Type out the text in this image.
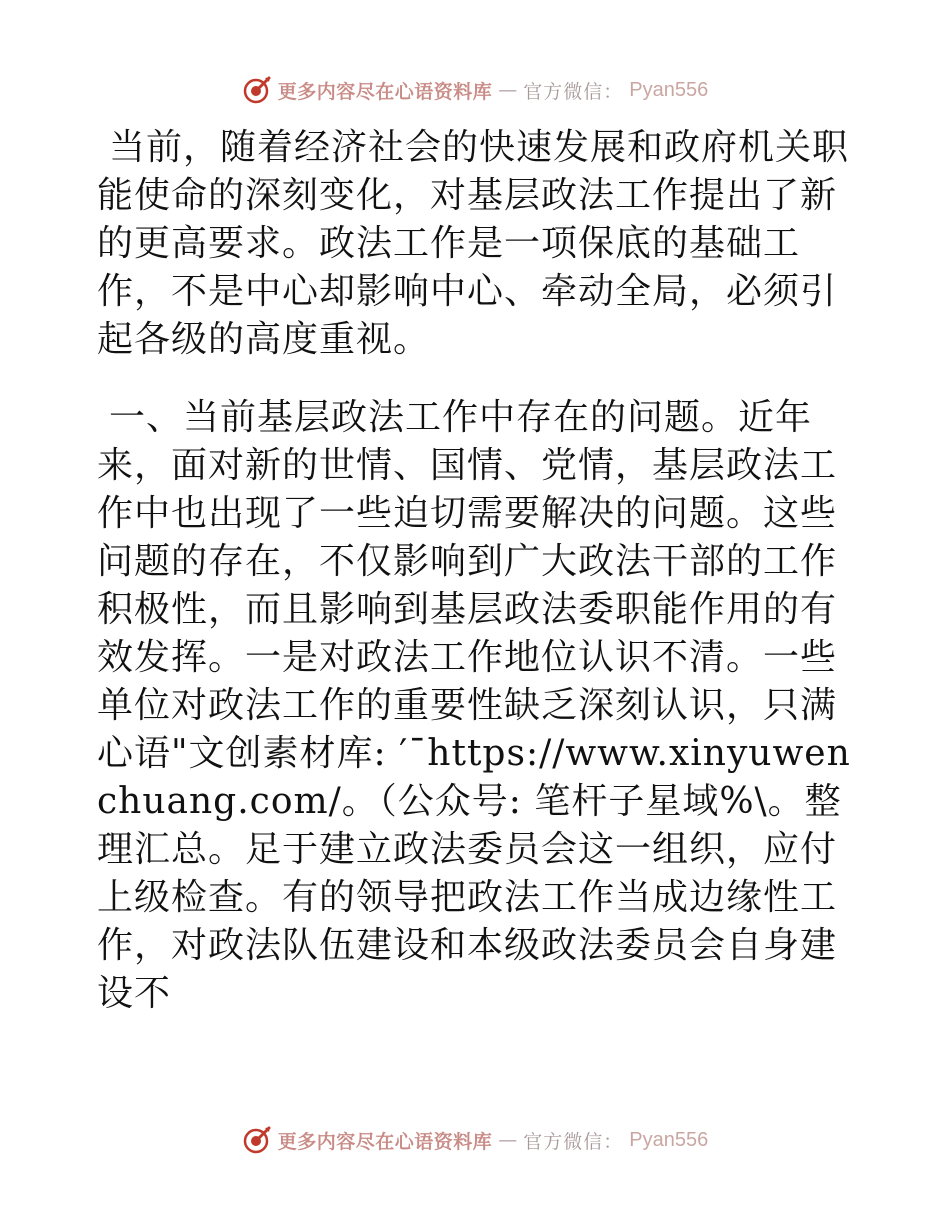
更多内容尽在心语资料库 — 官方微信： Pyan556

当前，随着经济社会的快速发展和政府机关职能使命的深刻变化，对基层政法工作提出了新的更高要求。政法工作是一项保底的基础工作，不是中心却影响中心、牵动全局，必须引起各级的高度重视。

一、当前基层政法工作中存在的问题。近年来，面对新的世情、国情、党情，基层政法工作中也出现了一些迫切需要解决的问题。这些问题的存在，不仅影响到广大政法干部的工作积极性，而且影响到基层政法委职能作用的有效发挥。一是对政法工作地位认识不清。一些单位对政法工作的重要性缺乏深刻认识，只满心语"文创素材库: ′¯https://www.xinyuwenchuang.com/。（公众号: 笔杆子星域%\。整理汇总。足于建立政法委员会这一组织，应付上级检查。有的领导把政法工作当成边缘性工作，对政法队伍建设和本级政法委员会自身建设不

更多内容尽在心语资料库 — 官方微信： Pyan556
